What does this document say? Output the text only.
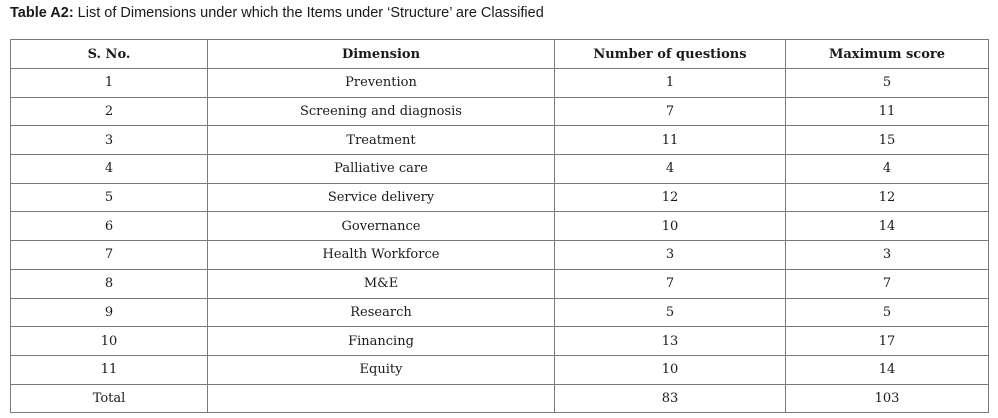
Table A2: List of Dimensions under which the Items under ‘Structure’ are Classified
S. No.	Dimension	Number of questions	Maximum score
1	Prevention	1	5
2	Screening and diagnosis	7	11
3	Treatment	11	15
4	Palliative care	4	4
5	Service delivery	12	12
6	Governance	10	14
7	Health Workforce	3	3
8	M&E	7	7
9	Research	5	5
10	Financing	13	17
11	Equity	10	14
Total		83	103
